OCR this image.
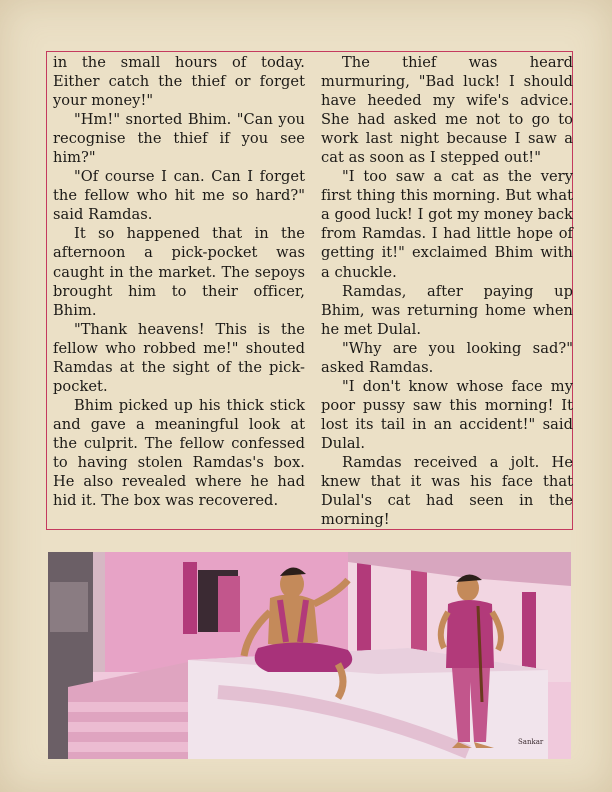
in the small hours of today. Either catch the thief or forget your money!"

"Hm!" snorted Bhim. "Can you recognise the thief if you see him?"

"Of course I can. Can I forget the fellow who hit me so hard?" said Ramdas.

It so happened that in the afternoon a pick-pocket was caught in the market. The sepoys brought him to their officer, Bhim.

"Thank heavens! This is the fellow who robbed me!" shouted Ramdas at the sight of the pick-pocket.

Bhim picked up his thick stick and gave a meaningful look at the culprit. The fellow confessed to having stolen Ramdas's box. He also revealed where he had hid it. The box was recovered.

The thief was heard murmuring, "Bad luck! I should have heeded my wife's advice. She had asked me not to go to work last night because I saw a cat as soon as I stepped out!"

"I too saw a cat as the very first thing this morning. But what a good luck! I got my money back from Ramdas. I had little hope of getting it!" exclaimed Bhim with a chuckle.

Ramdas, after paying up Bhim, was returning home when he met Dulal.

"Why are you looking sad?" asked Ramdas.

"I don't know whose face my poor pussy saw this morning! It lost its tail in an accident!" said Dulal.

Ramdas received a jolt. He knew that it was his face that Dulal's cat had seen in the morning!

Sankar
